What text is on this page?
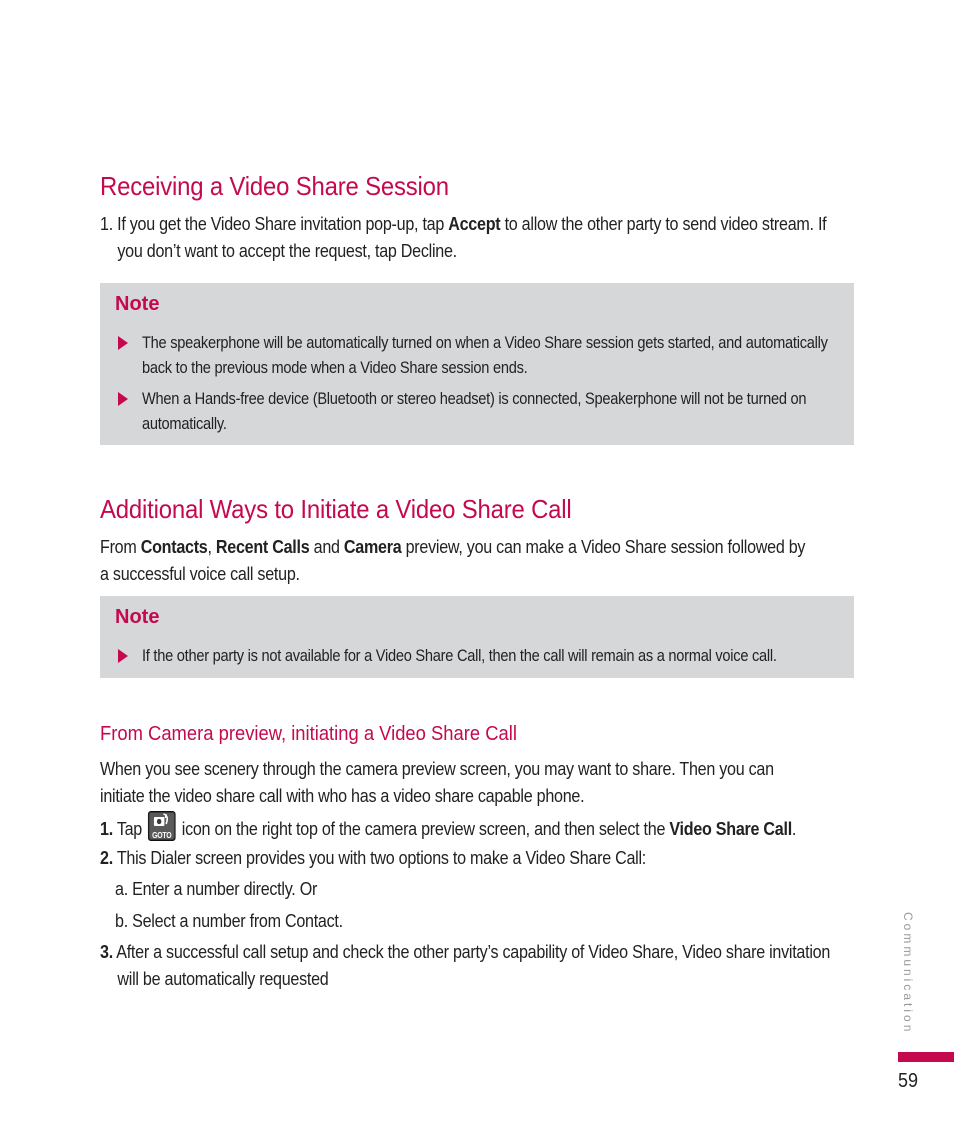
Receiving a Video Share Session

1. If you get the Video Share invitation pop-up, tap Accept to allow the other party to send video stream. If you don’t want to accept the request, tap Decline.

Note

The speakerphone will be automatically turned on when a Video Share session gets started, and automatically back to the previous mode when a Video Share session ends.

When a Hands-free device (Bluetooth or stereo headset) is connected, Speakerphone will not be turned on automatically.

Additional Ways to Initiate a Video Share Call

From Contacts, Recent Calls and Camera preview, you can make a Video Share session followed by a successful voice call setup.

Note

If the other party is not available for a Video Share Call, then the call will remain as a normal voice call.

From Camera preview, initiating a Video Share Call

When you see scenery through the camera preview screen, you may want to share. Then you can initiate the video share call with who has a video share capable phone.

1. Tap GOTO icon on the right top of the camera preview screen, and then select the Video Share Call.

2. This Dialer screen provides you with two options to make a Video Share Call:

a. Enter a number directly. Or

b. Select a number from Contact.

3. After a successful call setup and check the other party’s capability of Video Share, Video share invitation will be automatically requested	Communication

59
